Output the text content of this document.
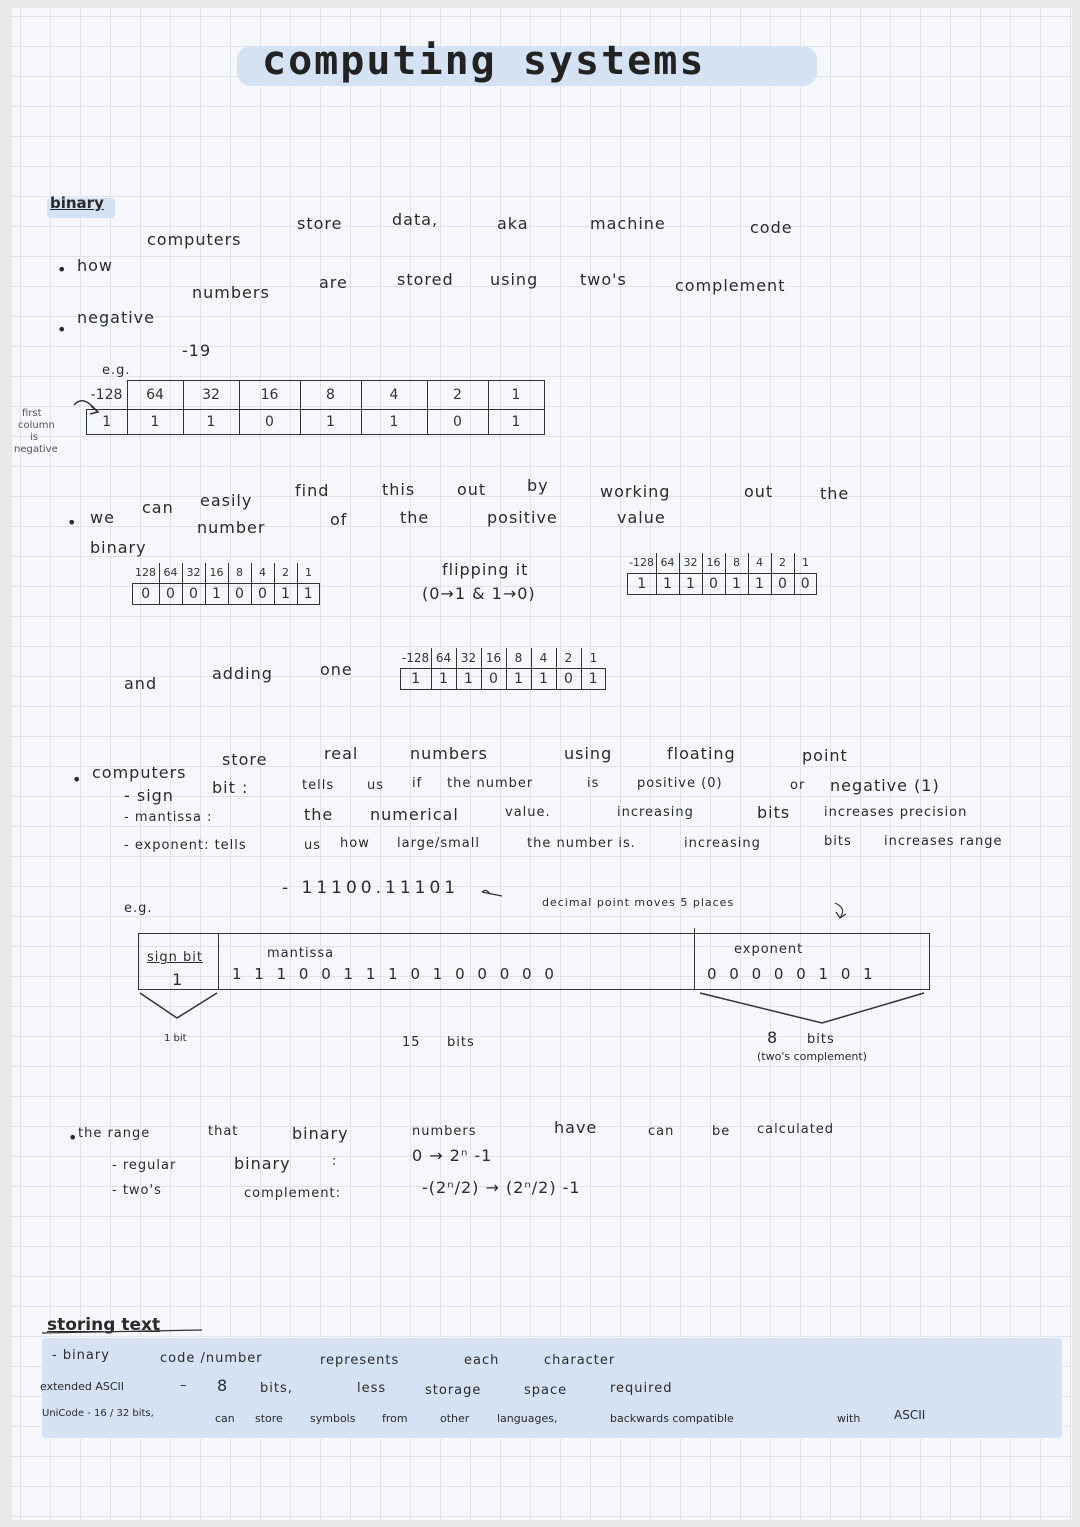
computing systems
binary
• how
computers
store	data,	aka	machine	code
•
negative
numbers
are	stored using	two's	complement
e.g.
-19
first
column
is
negative
-128	64	32	16	8	4	2	1
1	1	1	0	1	1	0	1
• we
can easily
find	this	out	by	working	out	the
binary
number	of	the	positive	value
128	64	32	16	8	4	2	1
0	0	0	1	0	0	1	1
flipping it
(0→1 & 1→0)
-128	64	32	16	8	4	2	1
1	1	1	0	1	1	0	0
and
adding	one
-128	64	32	16	8	4	2	1
1	1	1	0	1	1	0	1
• computers
store	real	numbers	using	floating	point
- sign bit :	tells	us if the number	is	positive (0)	or negative (1)
- mantissa :	the numerical	value.	increasing	bits	increases precision
- exponent: tells	us how large/small	the number is.	increasing	bits increases range
e.g.
- 11100.11101
decimal point moves 5 places
sign bit
1
mantissa
1 1 1 0 0 1 1 1 0 1 0 0 0 0 0
exponent
0 0 0 0 0 1 0 1
1 bit	15 bits	8 bits
(two's complement)
• the range	that	binary	numbers	have	can	be calculated
- regular	binary	:	0 → 2ⁿ -1
- two's	complement:	-(2ⁿ/2) → (2ⁿ/2) -1
storing text
- binary	code /number	represents	each	character
extended ASCII	– 8 bits,	less	storage	space	required
UniCode - 16 / 32 bits,	can store symbols from	other	languages,	backwards compatible	with	ASCII
